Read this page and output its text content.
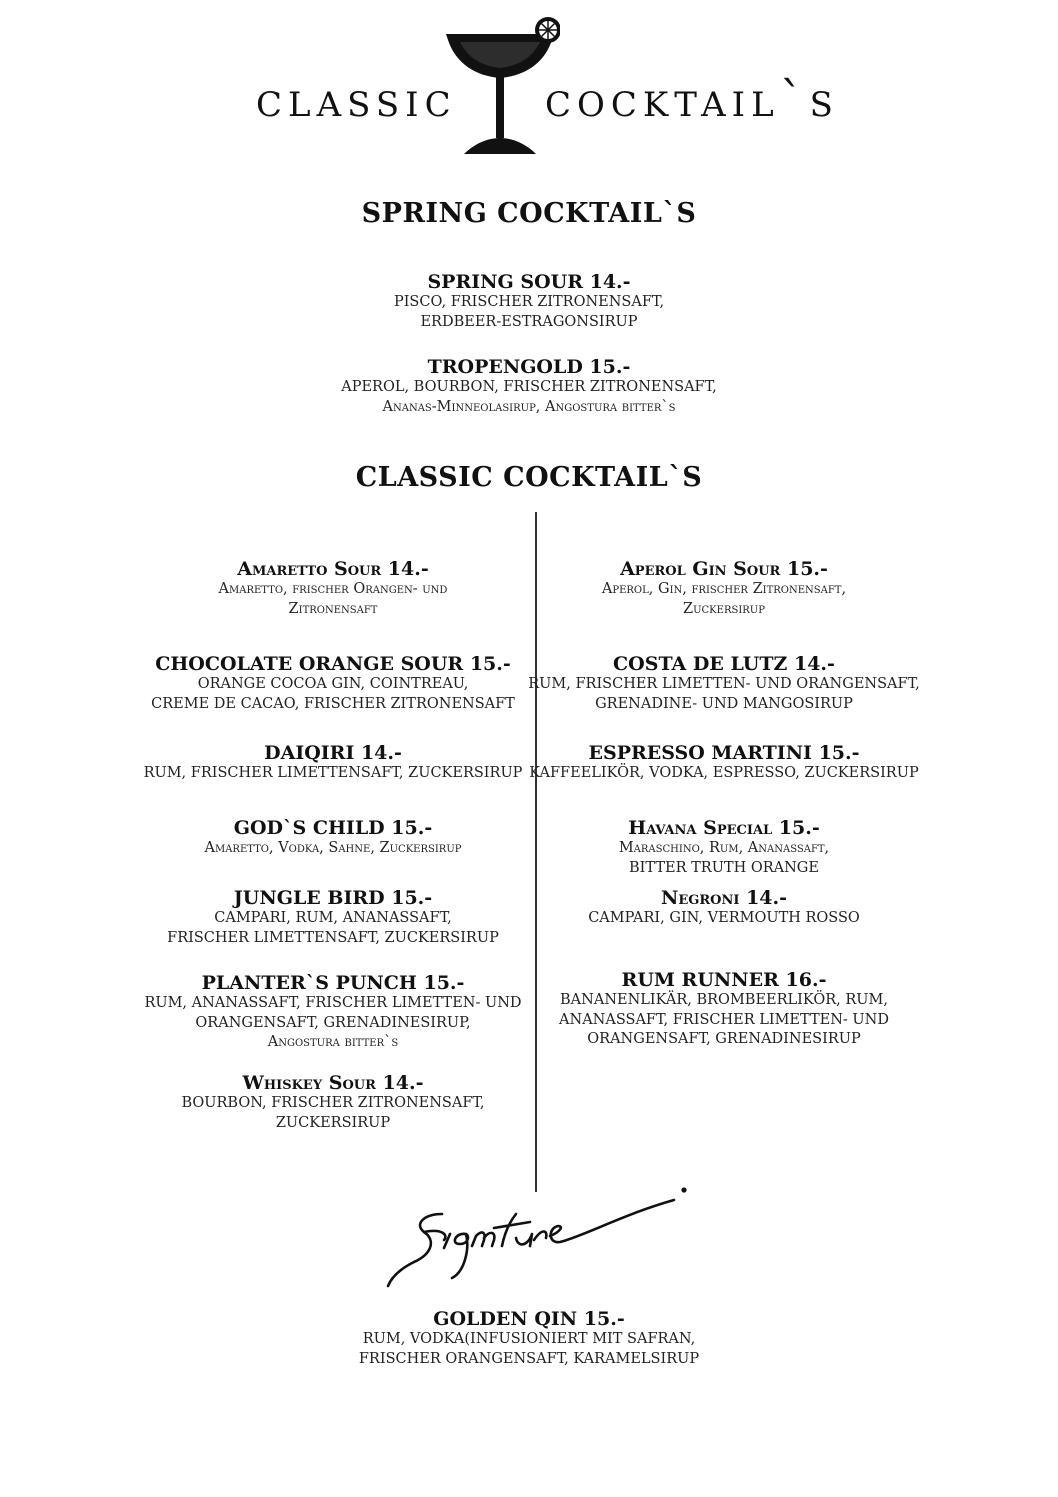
classic cocktail`s
SPRING COCKTAIL`S
SPRING SOUR 14.-
PISCO, FRISCHER ZITRONENSAFT,
ERDBEER-ESTRAGONSIRUP
TROPENGOLD 15.-
APEROL, BOURBON, FRISCHER ZITRONENSAFT,
Ananas-Minneolasirup, Angostura bitter`s
CLASSIC COCKTAIL`S
Amaretto Sour 14.-
Amaretto, frischer Orangen- und
Zitronensaft
CHOCOLATE ORANGE SOUR 15.-
ORANGE COCOA GIN, COINTREAU,
CREME DE CACAO, FRISCHER ZITRONENSAFT
DAIQIRI 14.-
RUM, FRISCHER LIMETTENSAFT, ZUCKERSIRUP
GOD`S CHILD 15.-
Amaretto, Vodka, Sahne, Zuckersirup
JUNGLE BIRD 15.-
CAMPARI, RUM, ANANASSAFT,
FRISCHER LIMETTENSAFT, ZUCKERSIRUP
PLANTER`S PUNCH 15.-
RUM, ANANASSAFT, FRISCHER LIMETTEN- UND
ORANGENSAFT, GRENADINESIRUP,
Angostura bitter`s
Whiskey Sour 14.-
BOURBON, FRISCHER ZITRONENSAFT,
ZUCKERSIRUP
Aperol Gin Sour 15.-
Aperol, Gin, frischer Zitronensaft,
Zuckersirup
COSTA DE LUTZ 14.-
RUM, FRISCHER LIMETTEN- UND ORANGENSAFT,
GRENADINE- UND MANGOSIRUP
ESPRESSO MARTINI 15.-
KAFFEELIKÖR, VODKA, ESPRESSO, ZUCKERSIRUP
Havana Special 15.-
Maraschino, Rum, Ananassaft,
BITTER TRUTH ORANGE
Negroni 14.-
CAMPARI, GIN, VERMOUTH ROSSO
RUM RUNNER 16.-
BANANENLIKÄR, BROMBEERLIKÖR, RUM,
ANANASSAFT, FRISCHER LIMETTEN- UND
ORANGENSAFT, GRENADINESIRUP
GOLDEN QIN 15.-
RUM, VODKA(INFUSIONIERT MIT SAFRAN,
FRISCHER ORANGENSAFT, KARAMELSIRUP
